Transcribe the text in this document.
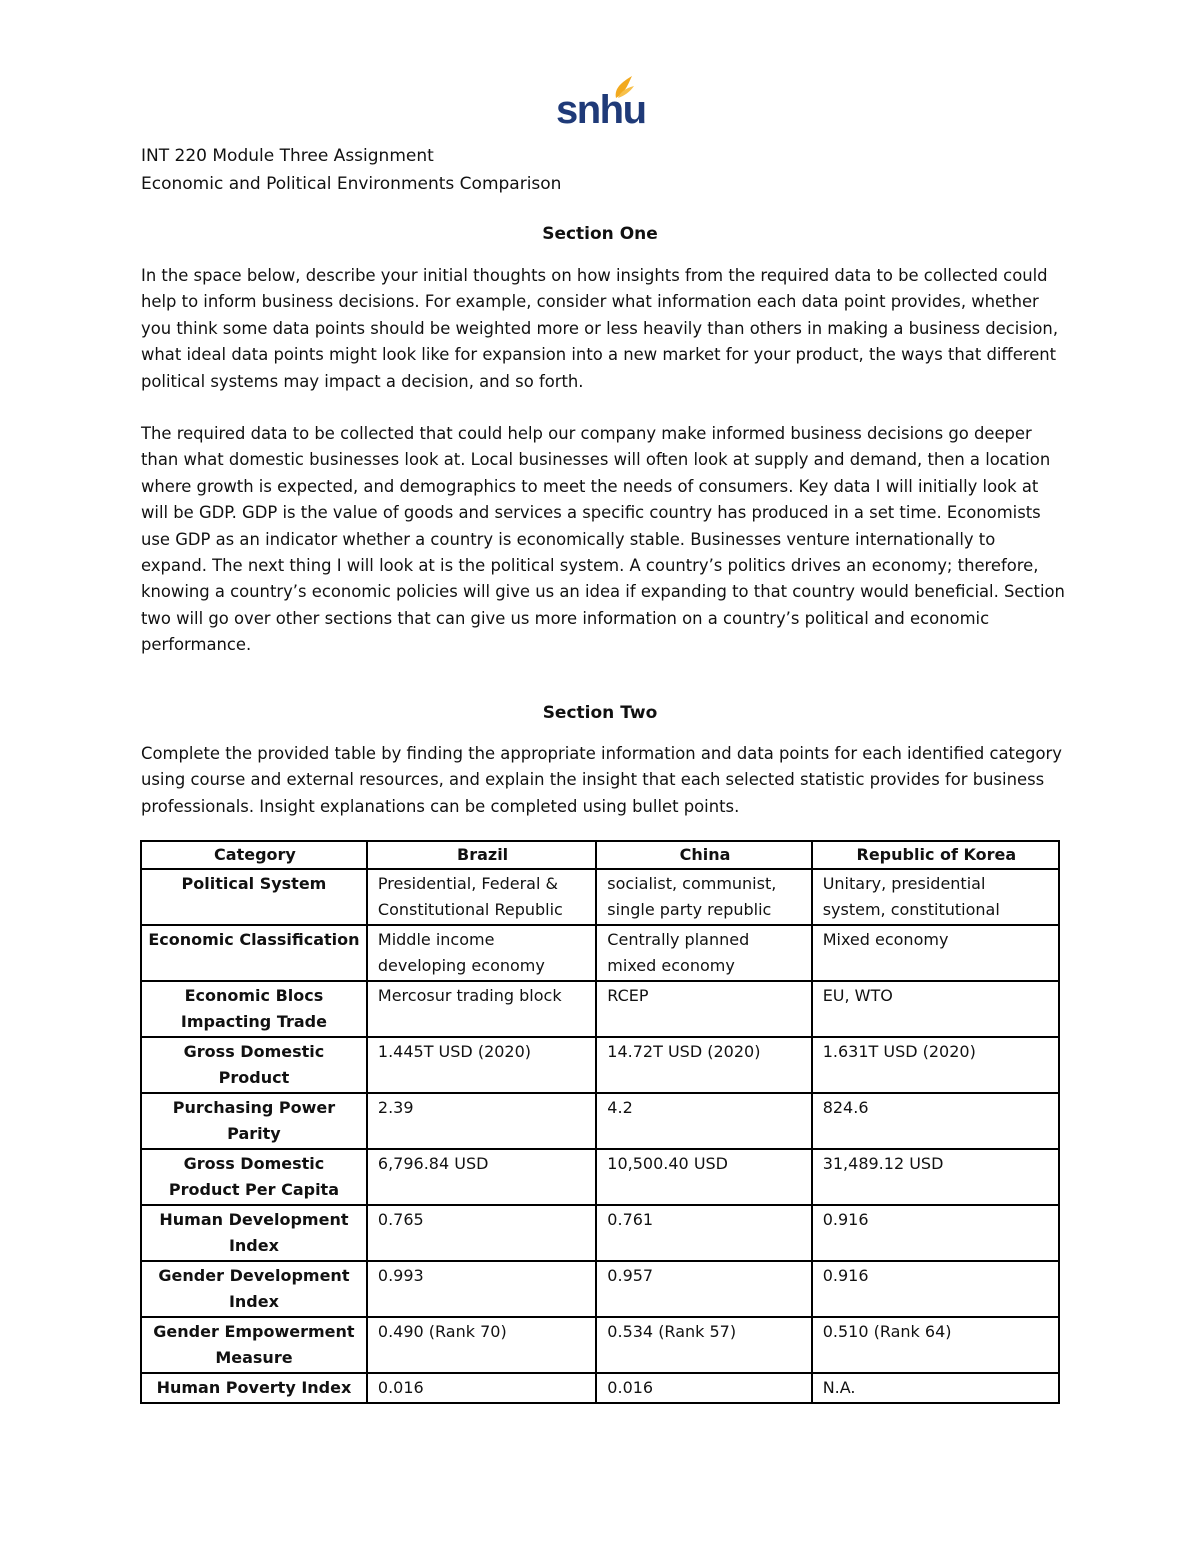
snhu
INT 220 Module Three Assignment
Economic and Political Environments Comparison
Section One
In the space below, describe your initial thoughts on how insights from the required data to be collected could help to inform business decisions. For example, consider what information each data point provides, whether you think some data points should be weighted more or less heavily than others in making a business decision, what ideal data points might look like for expansion into a new market for your product, the ways that different political systems may impact a decision, and so forth.
The required data to be collected that could help our company make informed business decisions go deeper than what domestic businesses look at. Local businesses will often look at supply and demand, then a location where growth is expected, and demographics to meet the needs of consumers. Key data I will initially look at will be GDP. GDP is the value of goods and services a specific country has produced in a set time. Economists use GDP as an indicator whether a country is economically stable. Businesses venture internationally to expand. The next thing I will look at is the political system. A country’s politics drives an economy; therefore, knowing a country’s economic policies will give us an idea if expanding to that country would beneficial. Section two will go over other sections that can give us more information on a country’s political and economic performance.
Section Two
Complete the provided table by finding the appropriate information and data points for each identified category using course and external resources, and explain the insight that each selected statistic provides for business professionals. Insight explanations can be completed using bullet points.
Category	Brazil	China	Republic of Korea
Political System	Presidential, Federal & Constitutional Republic	socialist, communist, single party republic	Unitary, presidential system, constitutional
Economic Classification	Middle income developing economy	Centrally planned mixed economy	Mixed economy
Economic Blocs Impacting Trade	Mercosur trading block	RCEP	EU, WTO
Gross Domestic Product	1.445T USD (2020)	14.72T USD (2020)	1.631T USD (2020)
Purchasing Power Parity	2.39	4.2	824.6
Gross Domestic Product Per Capita	6,796.84 USD	10,500.40 USD	31,489.12 USD
Human Development Index	0.765	0.761	0.916
Gender Development Index	0.993	0.957	0.916
Gender Empowerment Measure	0.490 (Rank 70)	0.534 (Rank 57)	0.510 (Rank 64)
Human Poverty Index	0.016	0.016	N.A.
